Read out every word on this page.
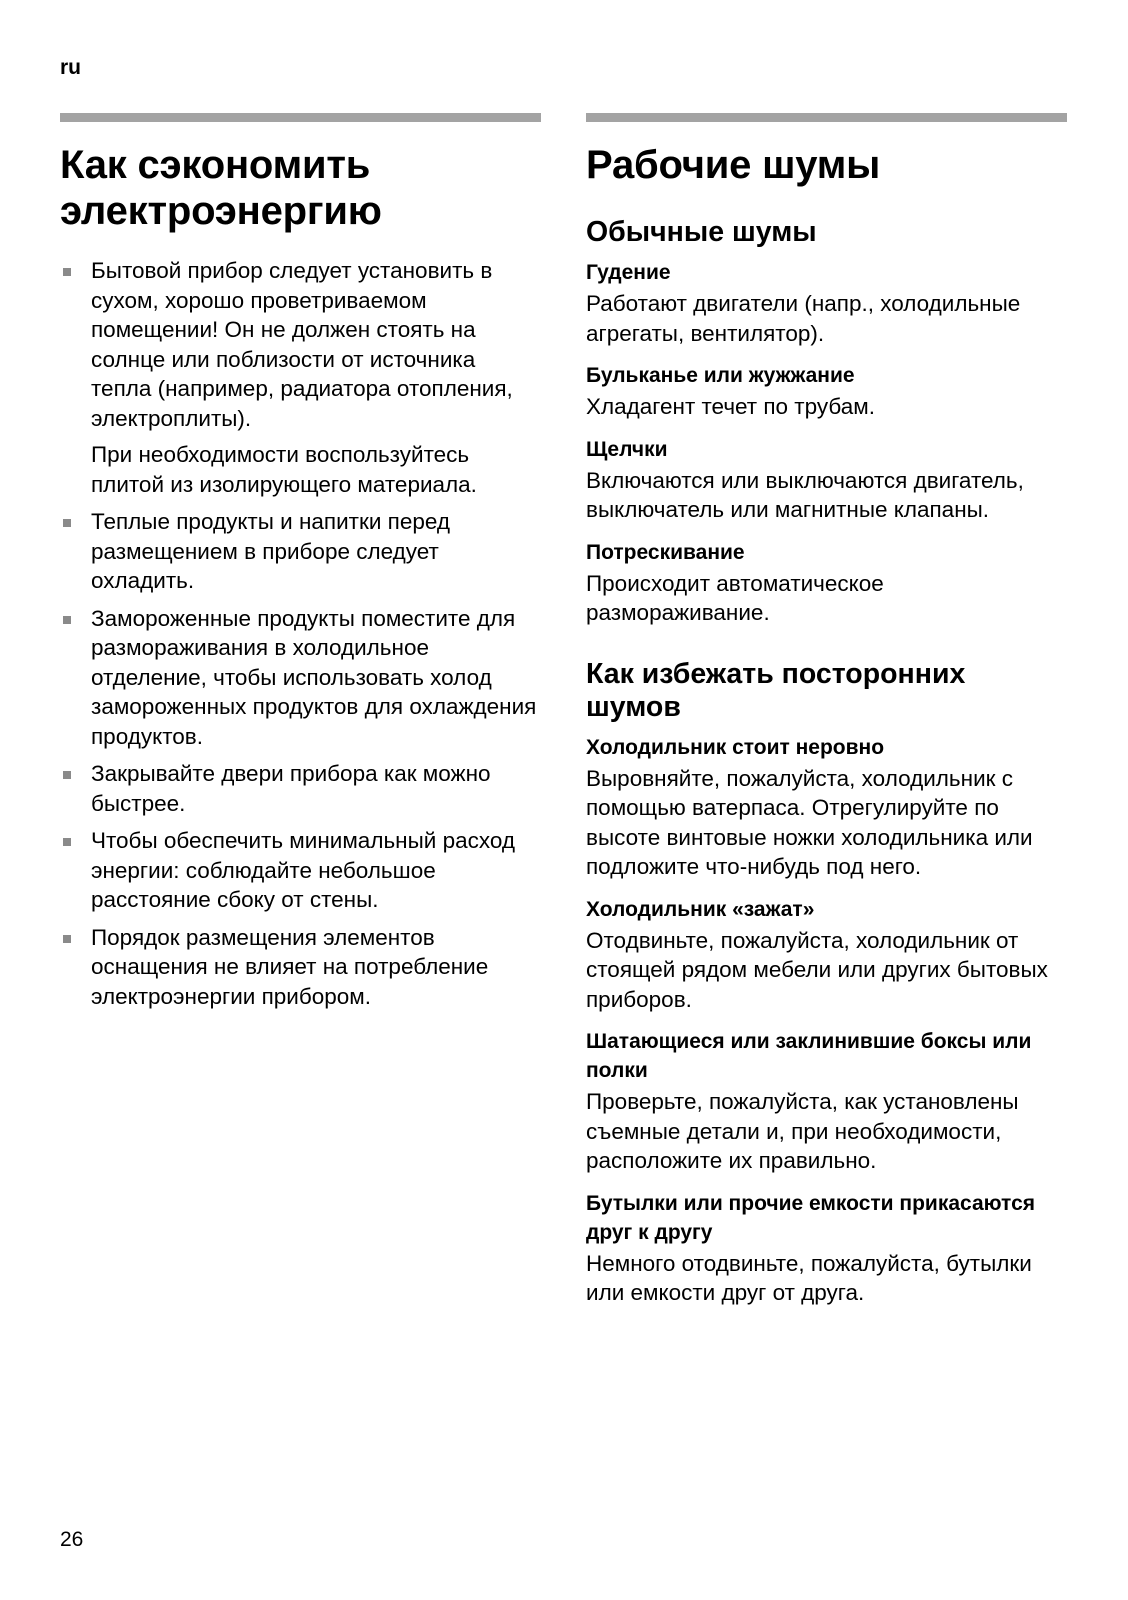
ru
Как сэкономить электроэнергию

Бытовой прибор следует установить в сухом, хорошо проветриваемом помещении! Он не должен стоять на солнце или поблизости от источника тепла (например, радиатора отопления, электроплиты).

При необходимости воспользуйтесь плитой из изолирующего материала.

Теплые продукты и напитки перед размещением в приборе следует охладить.

Замороженные продукты поместите для размораживания в холодильное отделение, чтобы использовать холод замороженных продуктов для охлаждения продуктов.

Закрывайте двери прибора как можно быстрее.

Чтобы обеспечить минимальный расход энергии: соблюдайте небольшое расстояние сбоку от стены.

Порядок размещения элементов оснащения не влияет на потребление электроэнергии прибором.

Рабочие шумы
Обычные шумы
Гудение

Работают двигатели (напр., холодильные агрегаты, вентилятор).

Бульканье или жужжание

Хладагент течет по трубам.

Щелчки

Включаются или выключаются двигатель, выключатель или магнитные клапаны.

Потрескивание

Происходит автоматическое размораживание.

Как избежать посторонних шумов
Холодильник стоит неровно

Выровняйте, пожалуйста, холодильник с помощью ватерпаса. Отрегулируйте по высоте винтовые ножки холодильника или подложите что-нибудь под него.

Холодильник «зажат»

Отодвиньте, пожалуйста, холодильник от стоящей рядом мебели или других бытовых приборов.

Шатающиеся или заклинившие боксы или полки

Проверьте, пожалуйста, как установлены съемные детали и, при необходимости, расположите их правильно.

Бутылки или прочие емкости прикасаются друг к другу

Немного отодвиньте, пожалуйста, бутылки или емкости друг от друга.

26
